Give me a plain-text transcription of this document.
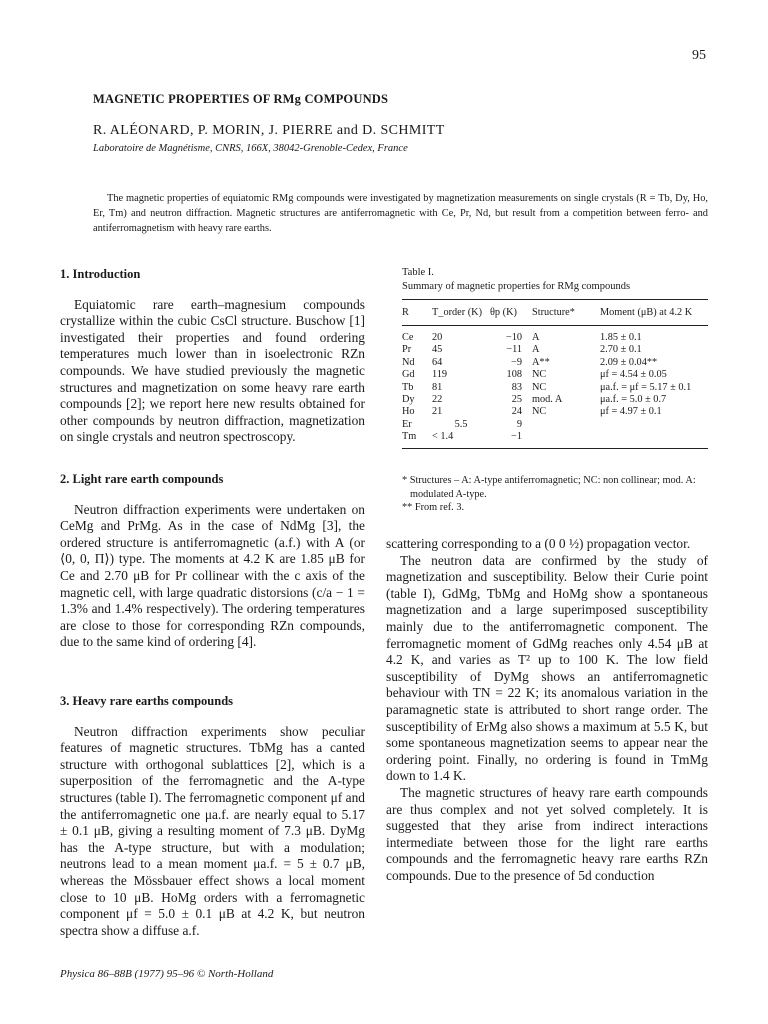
95
MAGNETIC PROPERTIES OF RMg COMPOUNDS
R. ALÉONARD, P. MORIN, J. PIERRE and D. SCHMITT
Laboratoire de Magnétisme, CNRS, 166X, 38042-Grenoble-Cedex, France
The magnetic properties of equiatomic RMg compounds were investigated by magnetization measurements on single crystals (R = Tb, Dy, Ho, Er, Tm) and neutron diffraction. Magnetic structures are antiferromagnetic with Ce, Pr, Nd, but result from a competition between ferro- and antiferromagnetism with heavy rare earths.
1. Introduction

Equiatomic rare earth–magnesium compounds crystallize within the cubic CsCl structure. Buschow [1] investigated their properties and found ordering temperatures much lower than in isoelectronic RZn compounds. We have studied previously the magnetic structures and magnetization on some heavy rare earth compounds [2]; we report here new results obtained for other compounds by neutron diffraction, magnetization on single crystals and neutron spectroscopy.

2. Light rare earth compounds

Neutron diffraction experiments were undertaken on CeMg and PrMg. As in the case of NdMg [3], the ordered structure is antiferromagnetic (a.f.) with A (or ⟨0, 0, Π⟩) type. The moments at 4.2 K are 1.85 μB for Ce and 2.70 μB for Pr collinear with the c axis of the magnetic cell, with large quadratic distorsions (c/a − 1 = 1.3% and 1.4% respectively). The ordering temperatures are close to those for corresponding RZn compounds, due to the same kind of ordering [4].

3. Heavy rare earths compounds

Neutron diffraction experiments show peculiar features of magnetic structures. TbMg has a canted structure with orthogonal sublattices [2], which is a superposition of the ferromagnetic and the A-type structures (table I). The ferromagnetic component μf and the antiferromagnetic one μa.f. are nearly equal to 5.17 ± 0.1 μB, giving a resulting moment of 7.3 μB. DyMg has the A-type structure, but with a modulation; neutrons lead to a mean moment μa.f. = 5 ± 0.7 μB, whereas the Mössbauer effect shows a local moment close to 10 μB. HoMg orders with a ferromagnetic component μf = 5.0 ± 0.1 μB at 4.2 K, but neutron spectra show a diffuse a.f.

Table I.
Summary of magnetic properties for RMg compounds
R	T_order (K)	θp (K)	Structure*	Moment (μB) at 4.2 K
Ce	20	−10	A	1.85 ± 0.1
Pr	45	−11	A	2.70 ± 0.1
Nd	64	−9	A**	2.09 ± 0.04**
Gd	119	108	NC	μf = 4.54 ± 0.05
Tb	81	83	NC	μa.f. = μf = 5.17 ± 0.1
Dy	22	25	mod. A	μa.f. = 5.0 ± 0.7
Ho	21	24	NC	μf = 4.97 ± 0.1
Er	5.5	9		
Tm	< 1.4	−1		

* Structures – A: A-type antiferromagnetic; NC: non collinear; mod. A: modulated A-type.

** From ref. 3.

scattering corresponding to a (0 0 ½) propagation vector.

The neutron data are confirmed by the study of magnetization and susceptibility. Below their Curie point (table I), GdMg, TbMg and HoMg show a spontaneous magnetization and a large superimposed susceptibility mainly due to the antiferromagnetic component. The ferromagnetic moment of GdMg reaches only 4.54 μB at 4.2 K, and varies as T² up to 100 K. The low field susceptibility of DyMg shows an antiferromagnetic behaviour with TN = 22 K; its anomalous variation in the paramagnetic state is attributed to short range order. The susceptibility of ErMg also shows a maximum at 5.5 K, but some spontaneous magnetization seems to appear near the ordering point. Finally, no ordering is found in TmMg down to 1.4 K.

The magnetic structures of heavy rare earth compounds are thus complex and not yet solved completely. It is suggested that they arise from indirect interactions intermediate between those for the light rare earths compounds and the ferromagnetic heavy rare earths RZn compounds. Due to the presence of 5d conduction

Physica 86–88B (1977) 95–96 © North-Holland
